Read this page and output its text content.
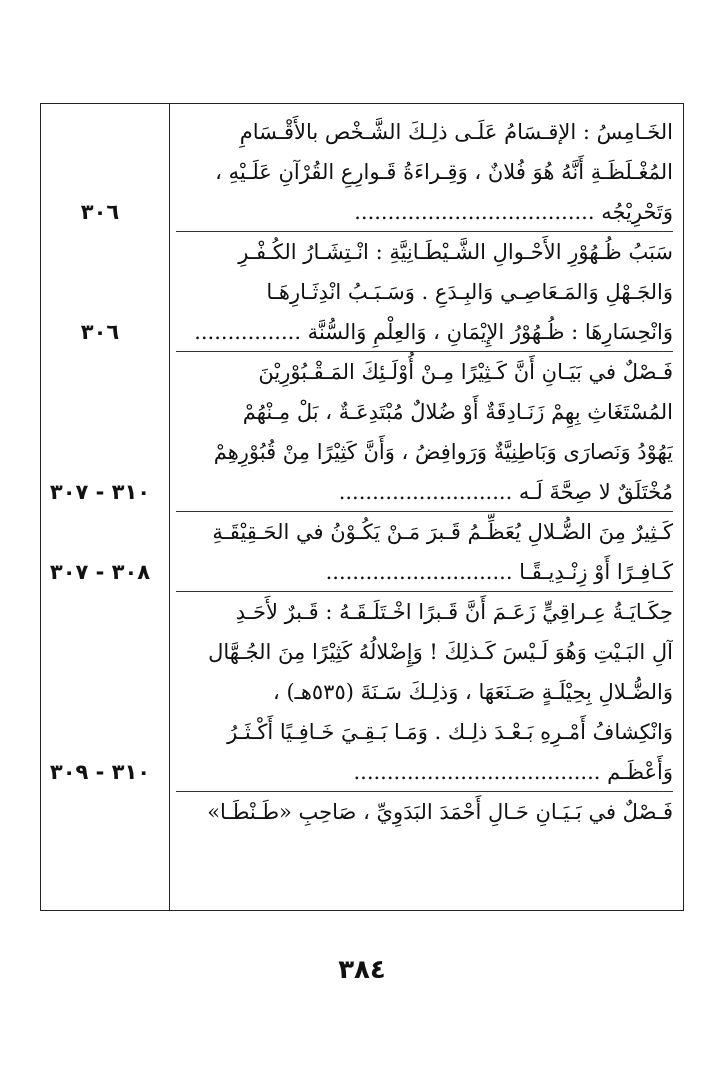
الخَـامِسُ : الإقـسَامُ عَلَـى ذلِـكَ الشَّـخْص بالأَقْـسَامِ
المُغْـلَظَـةِ أَنَّهُ هُوَ فُلانٌ ، وَقِـراءَةُ قَـوارِعِ القُرْآنِ عَلَـيْهِ ،
وَتَحْرِيْجُه ....................................
سَبَبُ ظُـهُوْرِ الأَحْـوالِ الشَّـيْطَـانِيَّةِ : انْـتِشَـارُ الكُـفْـرِ
وَالجَـهْلِ وَالمَـعَاصِـي وَالبِـدَعِ . وَسَـبَـبُ انْدِثَـارِهَـا
وَانْحِسَارِهَا : ظُـهُوْرُ الإِيْمَانِ ، وَالعِلْمِ وَالسُّنَّة ................
فَـصْلٌ في بَيَـانِ أَنَّ كَـثِيْرًا مِـنْ أُوْلَـئِكَ المَـقْـبُوْرِيْنَ
المُسْتَغَاثِ بِهِمْ زَنَـادِقَةٌ أَوْ ضُلالٌ مُبْتَدِعَـةٌ ، بَلْ مِـنْهُمْ
يَهُوْدُ وَنَصارَى وَبَاطِنِيَّةٌ وَرَوافِضُ ، وَأَنَّ كَثِيْرًا مِنْ قُبُوْرِهِمْ
مُخْتَلَقٌ لا صِحَّةَ لَـه ..........................
كَـثِيرٌ مِنَ الضُّـلالِ يُعَظِّـمُ قَـبرَ مَـنْ يَكُـوْنُ في الحَـقِيْقَـةِ
كَـافِـرًا أَوْ زِنْـدِيـقًـا ............................
حِكَـايَـةُ عِـراقِيٍّ زَعَـمَ أَنَّ قَـبرًا اخْـتَلَـقَـهُ : قَـبرٌ لأَحَـدِ
آلِ البَـيْتِ وَهُوَ لَـيْسَ كَـذلِكَ ! وَإِضْلالُهُ كَثِيْرًا مِنَ الجُـهَّال
وَالضُّـلالِ بِحِيْلَـةٍ صَـنَعَهَا ، وَذلِـكَ سَـنَةَ (٥٣٥هـ) ،
وَانْكِشافُ أَمْـرِهِ بَـعْـدَ ذلِـك . وَمَـا بَـقِـيَ خَـافِـيًا أَكْـثَـرُ
وَأَعْظَـم .....................................
فَـصْلٌ في بَـيَـانِ حَـالِ أَحْمَدَ البَدَوِيِّ ، صَاحِبِ «طَـنْطَـا»
٣٠٦
٣٠٦
٣١٠ - ٣٠٧
٣٠٨ - ٣٠٧
٣١٠ - ٣٠٩
٣٨٤
